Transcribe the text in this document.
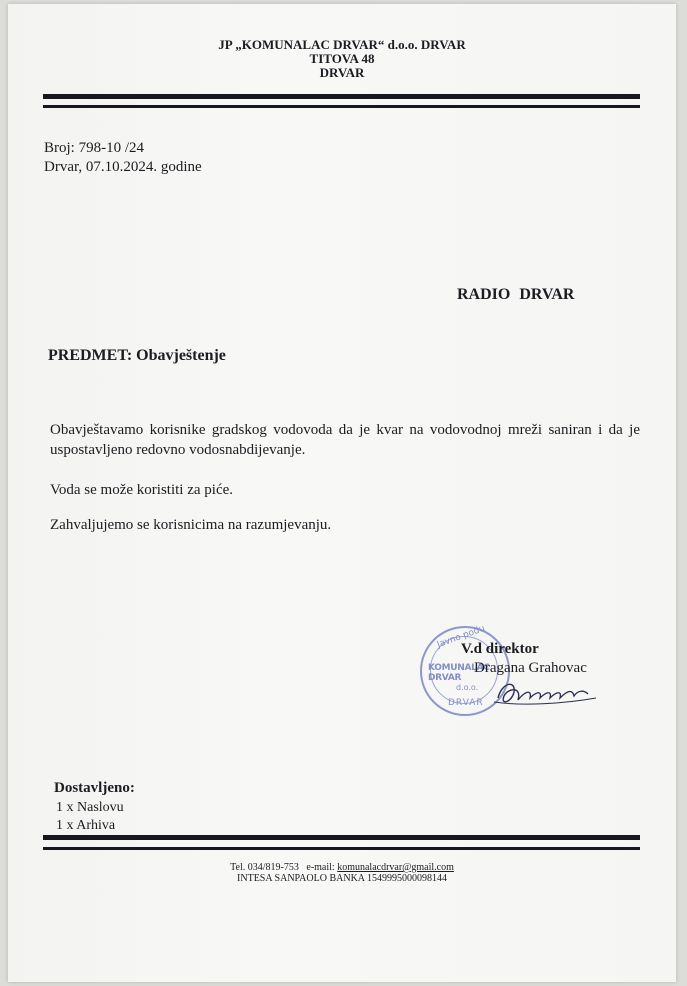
JP „KOMUNALAC DRVAR“ d.o.o. DRVAR
TITOVA 48
DRVAR
Broj: 798-10 /24
Drvar, 07.10.2024. godine
RADIO DRVAR
PREDMET: Obavještenje
Obavještavamo korisnike gradskog vodovoda da je kvar na vodovodnoj mreži saniran i da je uspostavljeno redovno vodosnabdijevanje.
Voda se može koristiti za piće.
Zahvaljujemo se korisnicima na razumjevanju.
Javno podu
KOMUNALAC DRVAR
d.o.o.
DRVAR
V.d direktor
Dragana Grahovac
Dostavljeno:
1 x Naslovu
1 x Arhiva
Tel. 034/819-753 e-mail: komunalacdrvar@gmail.com
INTESA SANPAOLO BANKA 1549995000098144
